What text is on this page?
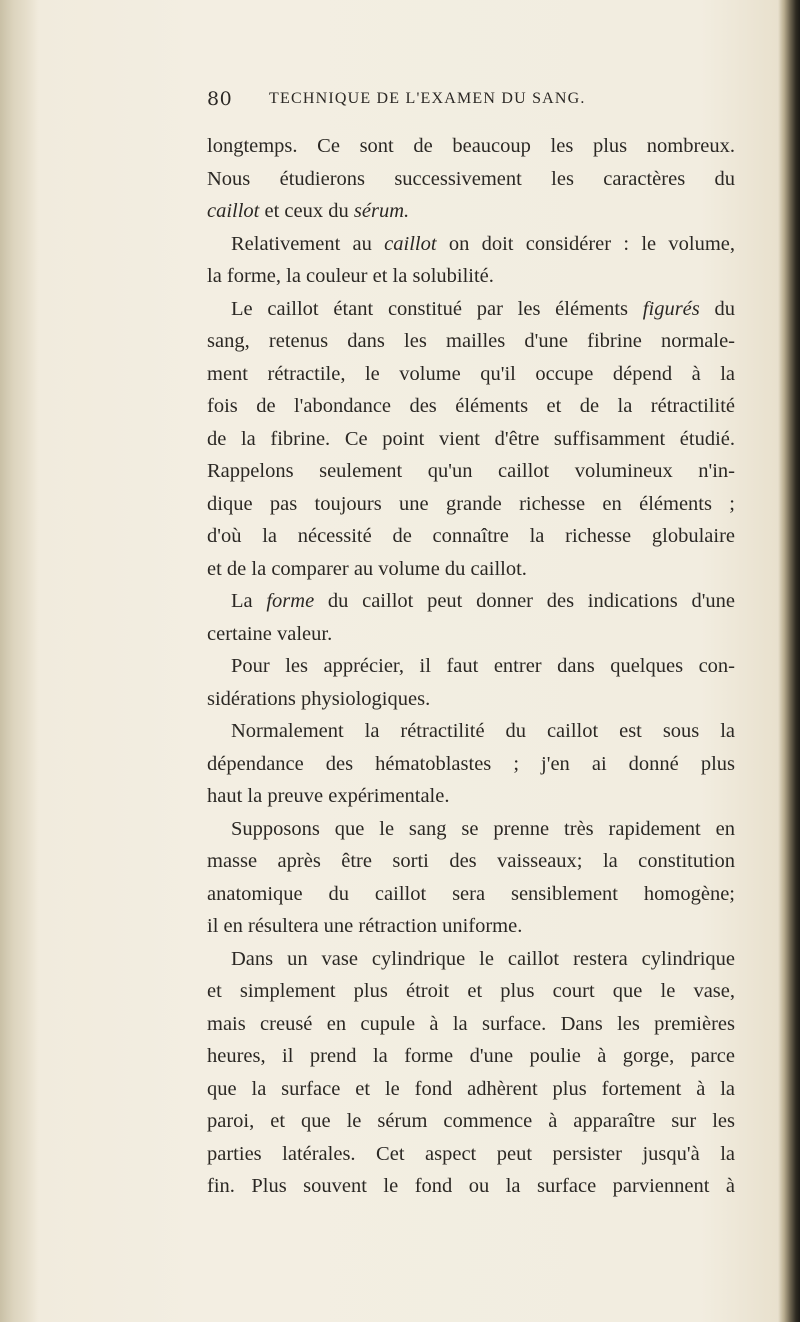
80 TECHNIQUE DE L'EXAMEN DU SANG.
longtemps. Ce sont de beaucoup les plus nombreux.
Nous étudierons successivement les caractères du
caillot et ceux du sérum.
Relativement au caillot on doit considérer : le volume,
la forme, la couleur et la solubilité.
Le caillot étant constitué par les éléments figurés du
sang, retenus dans les mailles d'une fibrine normale-
ment rétractile, le volume qu'il occupe dépend à la
fois de l'abondance des éléments et de la rétractilité
de la fibrine. Ce point vient d'être suffisamment étudié.
Rappelons seulement qu'un caillot volumineux n'in-
dique pas toujours une grande richesse en éléments ;
d'où la nécessité de connaître la richesse globulaire
et de la comparer au volume du caillot.
La forme du caillot peut donner des indications d'une
certaine valeur.
Pour les apprécier, il faut entrer dans quelques con-
sidérations physiologiques.
Normalement la rétractilité du caillot est sous la
dépendance des hématoblastes ; j'en ai donné plus
haut la preuve expérimentale.
Supposons que le sang se prenne très rapidement en
masse après être sorti des vaisseaux; la constitution
anatomique du caillot sera sensiblement homogène;
il en résultera une rétraction uniforme.
Dans un vase cylindrique le caillot restera cylindrique
et simplement plus étroit et plus court que le vase,
mais creusé en cupule à la surface. Dans les premières
heures, il prend la forme d'une poulie à gorge, parce
que la surface et le fond adhèrent plus fortement à la
paroi, et que le sérum commence à apparaître sur les
parties latérales. Cet aspect peut persister jusqu'à la
fin. Plus souvent le fond ou la surface parviennent à
